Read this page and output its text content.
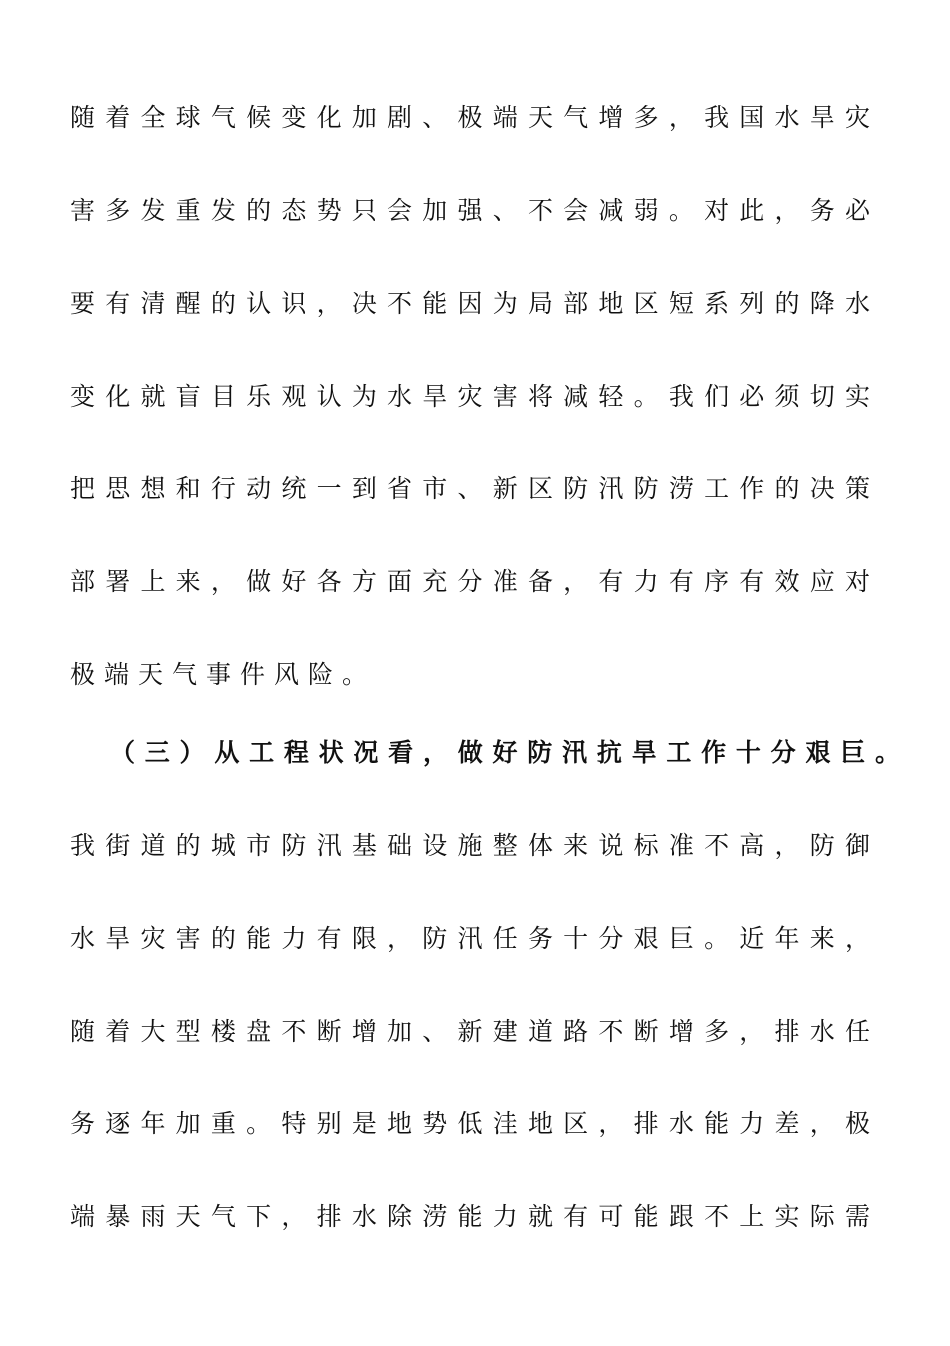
随 着 全 球 气 候 变 化 加 剧 、 极 端 天 气 增 多 ， 我 国 水 旱 灾
害 多 发 重 发 的 态 势 只 会 加 强 、 不 会 减 弱 。 对 此 ， 务 必
要 有 清 醒 的 认 识 ， 决 不 能 因 为 局 部 地 区 短 系 列 的 降 水
变 化 就 盲 目 乐 观 认 为 水 旱 灾 害 将 减 轻 。 我 们 必 须 切 实
把 思 想 和 行 动 统 一 到 省 市 、 新 区 防 汛 防 涝 工 作 的 决 策
部 署 上 来 ， 做 好 各 方 面 充 分 准 备 ， 有 力 有 序 有 效 应 对
极端天气事件风险。
（ 三 ） 从 工 程 状 况 看 ， 做 好 防 汛 抗 旱 工 作 十 分 艰 巨 。
我 街 道 的 城 市 防 汛 基 础 设 施 整 体 来 说 标 准 不 高 ， 防 御
水 旱 灾 害 的 能 力 有 限 ， 防 汛 任 务 十 分 艰 巨 。 近 年 来 ，
随 着 大 型 楼 盘 不 断 增 加 、 新 建 道 路 不 断 增 多 ， 排 水 任
务 逐 年 加 重 。 特 别 是 地 势 低 洼 地 区 ， 排 水 能 力 差 ， 极
端 暴 雨 天 气 下 ， 排 水 除 涝 能 力 就 有 可 能 跟 不 上 实 际 需
